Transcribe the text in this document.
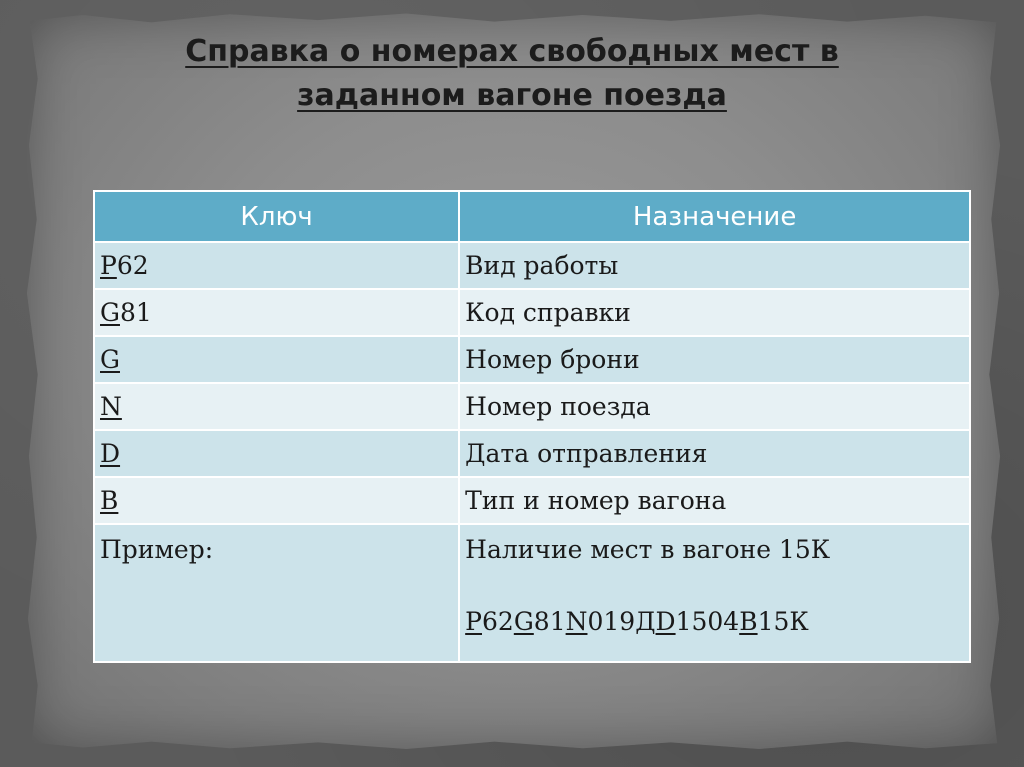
Справка о номерах свободных мест в
заданном вагоне поезда
Ключ	Назначение
P62	Вид работы
G81	Код справки
G	Номер брони
N	Номер поезда
D	Дата отправления
B	Тип и номер вагона
Пример:	Наличие мест в вагоне 15К
P62G81N019ДD1504B15К
